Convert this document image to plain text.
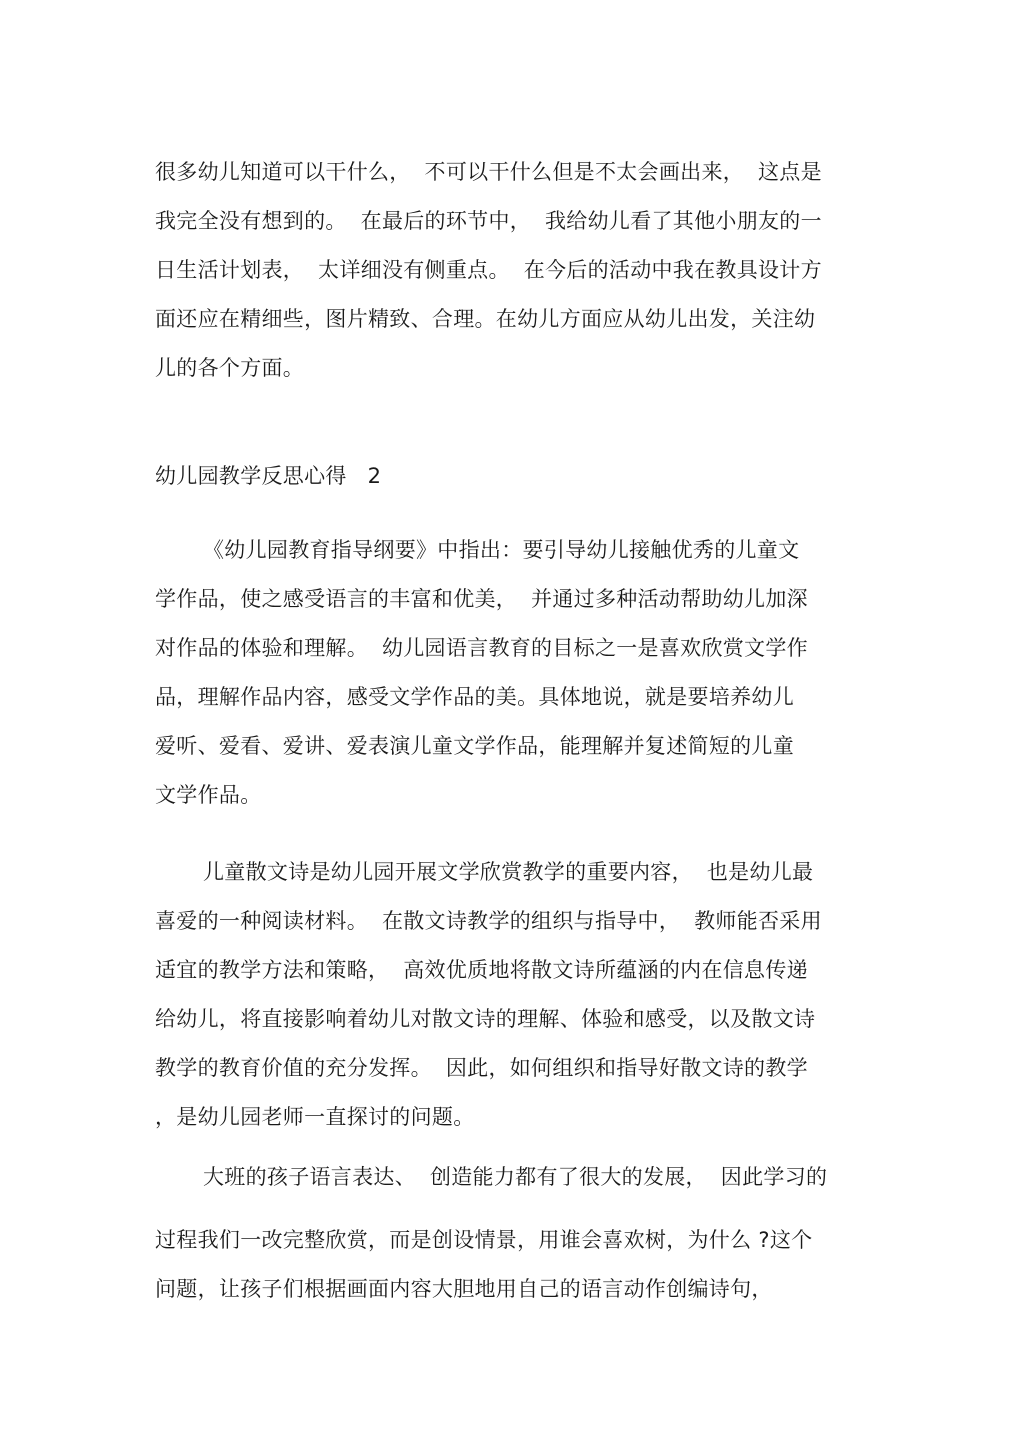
很多幼儿知道可以干什么，  不可以干什么但是不太会画出来，  这点是
我完全没有想到的。  在最后的环节中，  我给幼儿看了其他小朋友的一
日生活计划表，  太详细没有侧重点。  在今后的活动中我在教具设计方
面还应在精细些，图片精致、合理。在幼儿方面应从幼儿出发，关注幼
儿的各个方面。
幼儿园教学反思心得   2
《幼儿园教育指导纲要》中指出：要引导幼儿接触优秀的儿童文
学作品，使之感受语言的丰富和优美，  并通过多种活动帮助幼儿加深
对作品的体验和理解。  幼儿园语言教育的目标之一是喜欢欣赏文学作
品，理解作品内容，感受文学作品的美。具体地说，就是要培养幼儿
爱听、爱看、爱讲、爱表演儿童文学作品，能理解并复述简短的儿童
文学作品。
儿童散文诗是幼儿园开展文学欣赏教学的重要内容，  也是幼儿最
喜爱的一种阅读材料。  在散文诗教学的组织与指导中，  教师能否采用
适宜的教学方法和策略，  高效优质地将散文诗所蕴涵的内在信息传递
给幼儿，将直接影响着幼儿对散文诗的理解、体验和感受，以及散文诗
教学的教育价值的充分发挥。  因此，如何组织和指导好散文诗的教学
，是幼儿园老师一直探讨的问题。
大班的孩子语言表达、  创造能力都有了很大的发展，  因此学习的
过程我们一改完整欣赏，而是创设情景，用谁会喜欢树，为什么 ?这个
问题，让孩子们根据画面内容大胆地用自己的语言动作创编诗句，
